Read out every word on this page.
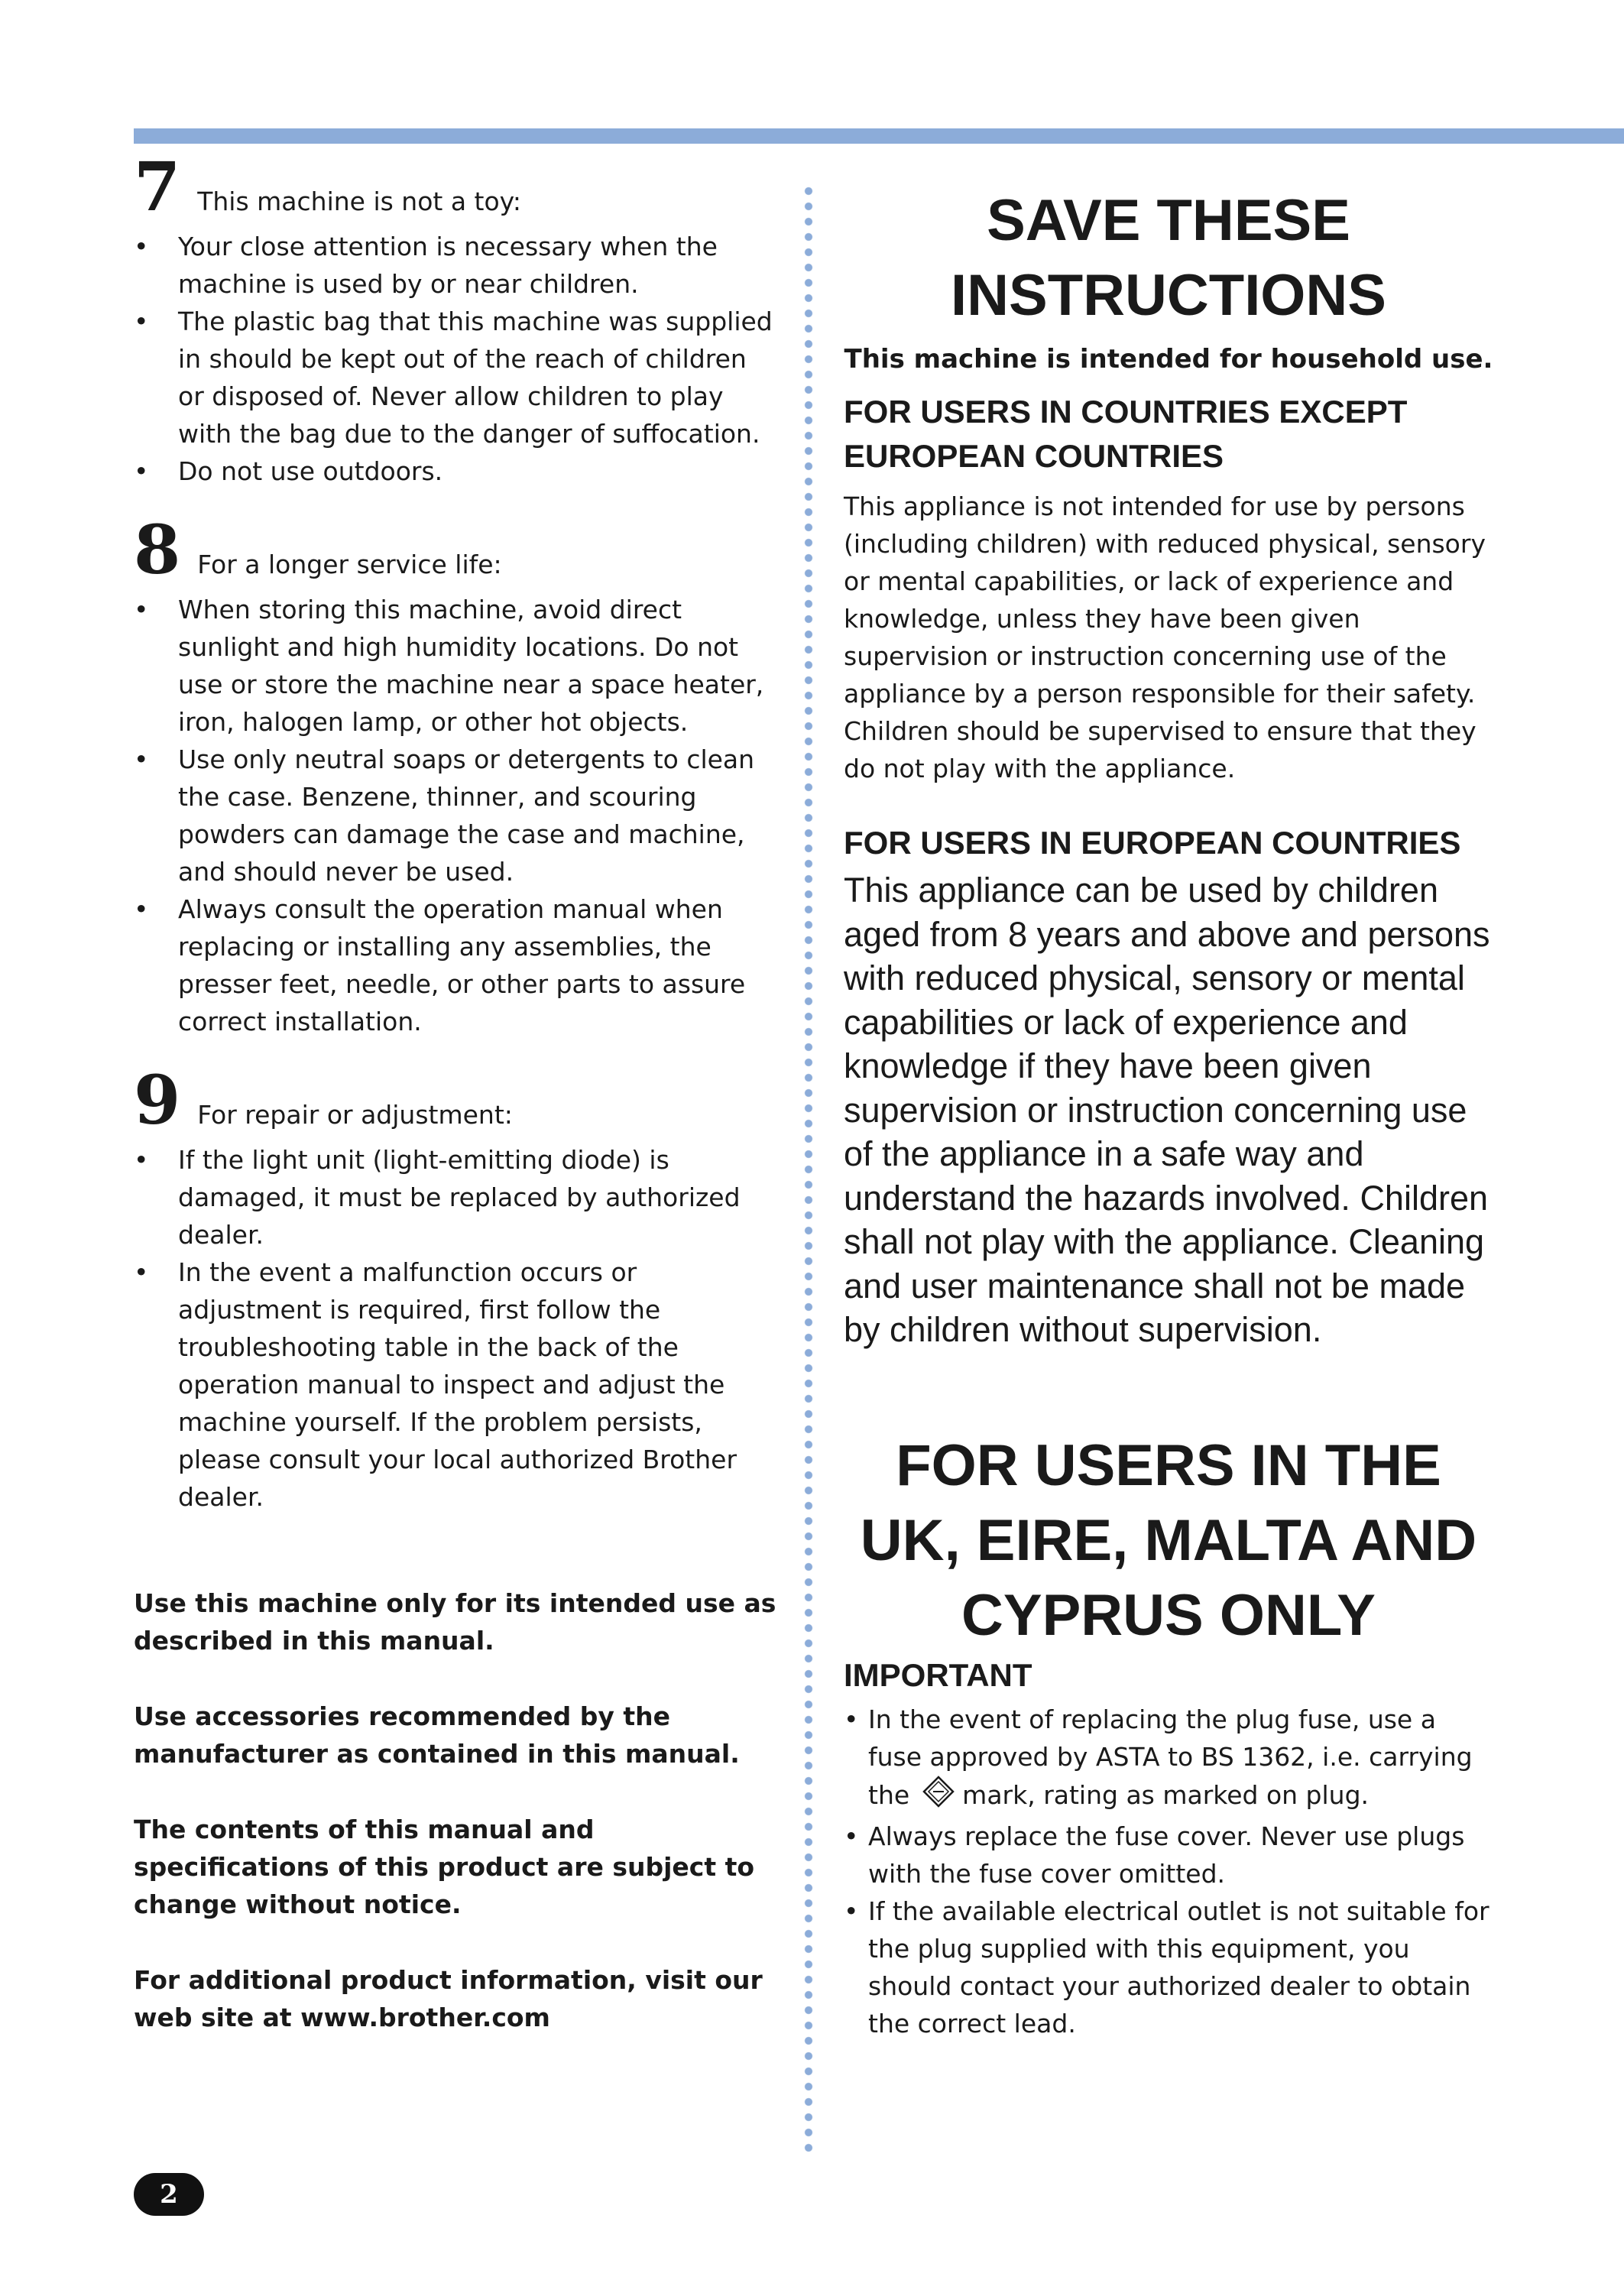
7 This machine is not a toy:
• Your close attention is necessary when the machine is used by or near children.
• The plastic bag that this machine was supplied in should be kept out of the reach of children or disposed of. Never allow children to play with the bag due to the danger of suffocation.
• Do not use outdoors.
8 For a longer service life:
• When storing this machine, avoid direct sunlight and high humidity locations. Do not use or store the machine near a space heater, iron, halogen lamp, or other hot objects.
• Use only neutral soaps or detergents to clean the case. Benzene, thinner, and scouring powders can damage the case and machine, and should never be used.
• Always consult the operation manual when replacing or installing any assemblies, the presser feet, needle, or other parts to assure correct installation.
9 For repair or adjustment:
• If the light unit (light-emitting diode) is damaged, it must be replaced by authorized dealer.
• In the event a malfunction occurs or adjustment is required, first follow the troubleshooting table in the back of the operation manual to inspect and adjust the machine yourself. If the problem persists, please consult your local authorized Brother dealer.

Use this machine only for its intended use as described in this manual.

Use accessories recommended by the manufacturer as contained in this manual.

The contents of this manual and specifications of this product are subject to change without notice.

For additional product information, visit our web site at www.brother.com

SAVE THESE INSTRUCTIONS

This machine is intended for household use.

FOR USERS IN COUNTRIES EXCEPT EUROPEAN COUNTRIES

This appliance is not intended for use by persons (including children) with reduced physical, sensory or mental capabilities, or lack of experience and knowledge, unless they have been given supervision or instruction concerning use of the appliance by a person responsible for their safety. Children should be supervised to ensure that they do not play with the appliance.

FOR USERS IN EUROPEAN COUNTRIES

This appliance can be used by children aged from 8 years and above and persons with reduced physical, sensory or mental capabilities or lack of experience and knowledge if they have been given supervision or instruction concerning use of the appliance in a safe way and understand the hazards involved. Children shall not play with the appliance. Cleaning and user maintenance shall not be made by children without supervision.

FOR USERS IN THE UK, EIRE, MALTA AND CYPRUS ONLY
IMPORTANT
• In the event of replacing the plug fuse, use a fuse approved by ASTA to BS 1362, i.e. carrying the mark, rating as marked on plug.
• Always replace the fuse cover. Never use plugs with the fuse cover omitted.
• If the available electrical outlet is not suitable for the plug supplied with this equipment, you should contact your authorized dealer to obtain the correct lead.
2
